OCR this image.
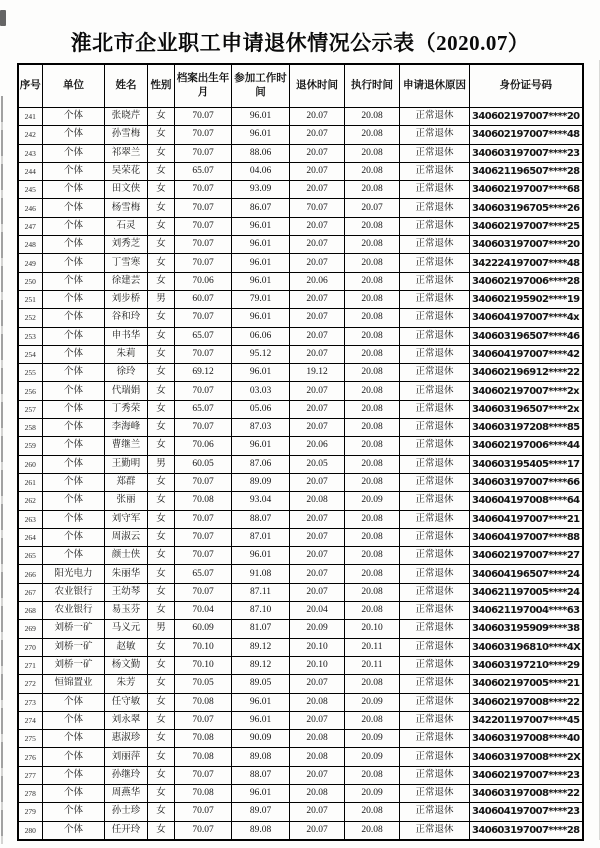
淮北市企业职工申请退休情况公示表（2020.07）
序号	单位	姓名	性别	档案出生年月	参加工作时间	退休时间	执行时间	申请退休原因	身份证号码
241	个体	张晓芹	女	70.07	96.01	20.07	20.08	正常退休	340602197007****20
242	个体	孙雪梅	女	70.07	96.01	20.07	20.08	正常退休	340602197007****48
243	个体	祁翠兰	女	70.07	88.06	20.07	20.08	正常退休	340603197007****23
244	个体	吴荣花	女	65.07	04.06	20.07	20.08	正常退休	340621196507****28
245	个体	田文侠	女	70.07	93.09	20.07	20.08	正常退休	340602197007****68
246	个体	杨雪梅	女	70.07	86.07	70.07	20.07	正常退休	340603196705****26
247	个体	石灵	女	70.07	96.01	20.07	20.08	正常退休	340602197007****25
248	个体	刘秀芝	女	70.07	96.01	20.07	20.08	正常退休	340603197007****20
249	个体	丁雪寒	女	70.07	96.01	20.07	20.08	正常退休	342224197007****48
250	个体	徐建芸	女	70.06	96.01	20.06	20.08	正常退休	340602197006****28
251	个体	刘步桥	男	60.07	79.01	20.07	20.08	正常退休	340602195902****19
252	个体	谷和玲	女	70.07	96.01	20.07	20.08	正常退休	340604197007****4x
253	个体	申书华	女	65.07	06.06	20.07	20.08	正常退休	340603196507****46
254	个体	朱莉	女	70.07	95.12	20.07	20.08	正常退休	340604197007****42
255	个体	徐玲	女	69.12	96.01	19.12	20.08	正常退休	340602196912****22
256	个体	代瑞娟	女	70.07	03.03	20.07	20.08	正常退休	340602197007****2x
257	个体	丁秀荣	女	65.07	05.06	20.07	20.08	正常退休	340603196507****2x
258	个体	李海峰	女	70.07	87.03	20.07	20.08	正常退休	340603197208****85
259	个体	曹继兰	女	70.06	96.01	20.06	20.08	正常退休	340602197006****44
260	个体	王勤明	男	60.05	87.06	20.05	20.08	正常退休	340603195405****17
261	个体	郑群	女	70.07	89.09	20.07	20.08	正常退休	340603197007****66
262	个体	张丽	女	70.08	93.04	20.08	20.09	正常退休	340604197008****64
263	个体	刘守军	女	70.07	88.07	20.07	20.08	正常退休	340604197007****21
264	个体	周淑云	女	70.07	87.01	20.07	20.08	正常退休	340604197007****88
265	个体	颜士侠	女	70.07	96.01	20.07	20.08	正常退休	340602197007****27
266	阳光电力	朱丽华	女	65.07	91.08	20.07	20.08	正常退休	340604196507****24
267	农业银行	王幼琴	女	70.07	87.11	20.07	20.08	正常退休	340621197005****24
268	农业银行	易玉芬	女	70.04	87.10	20.04	20.08	正常退休	340621197004****63
269	刘桥一矿	马义元	男	60.09	81.07	20.09	20.10	正常退休	340603195909****38
270	刘桥一矿	赵敏	女	70.10	89.12	20.10	20.11	正常退休	340603196810****4X
271	刘桥一矿	杨文勤	女	70.10	89.12	20.10	20.11	正常退休	340603197210****29
272	恒锦置业	朱芳	女	70.05	89.05	20.07	20.08	正常退休	340602197005****21
273	个体	任守敏	女	70.08	96.01	20.08	20.09	正常退休	340602197008****22
274	个体	刘永翠	女	70.07	96.01	20.07	20.08	正常退休	342201197007****45
275	个体	惠淑珍	女	70.08	90.09	20.08	20.09	正常退休	340603197008****40
276	个体	刘丽萍	女	70.08	89.08	20.08	20.09	正常退休	340603197008****2X
277	个体	孙继玲	女	70.07	88.07	20.07	20.08	正常退休	340602197007****23
278	个体	周燕华	女	70.08	96.01	20.08	20.09	正常退休	340603197008****22
279	个体	孙士珍	女	70.07	89.07	20.07	20.08	正常退休	340604197007****23
280	个体	任开玲	女	70.07	89.08	20.07	20.08	正常退休	340603197007****28
